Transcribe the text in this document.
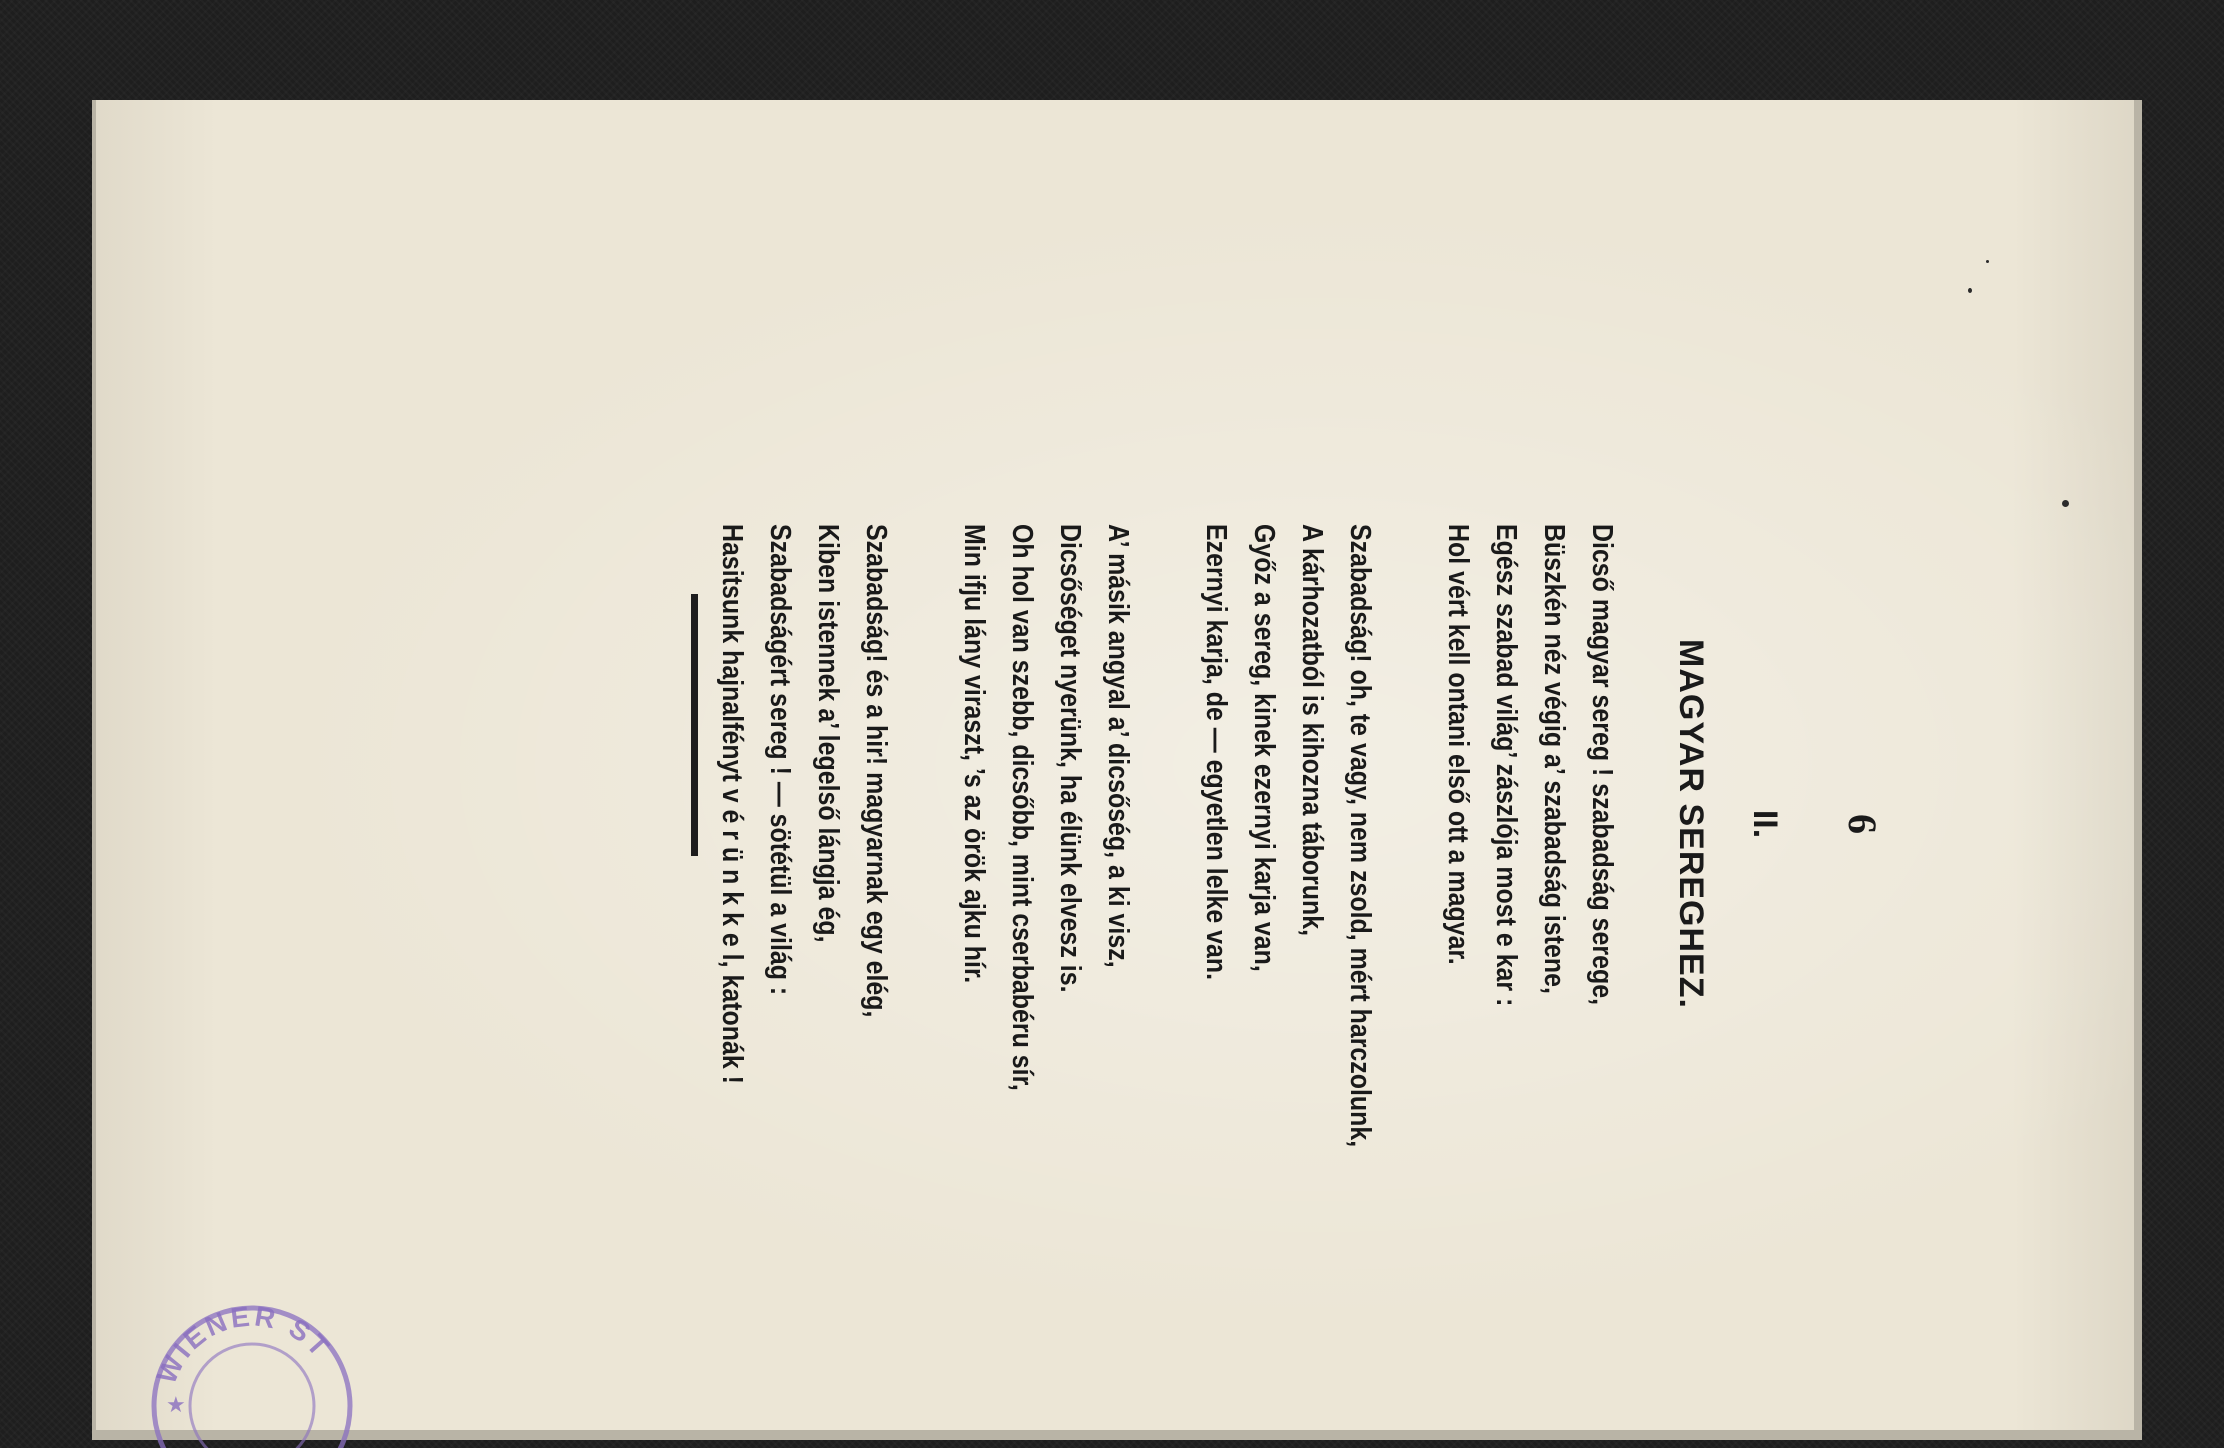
6
II.
MAGYAR SEREGHEZ.
Dicső magyar sereg ! szabadság serege,
Büszkén néz végig a’ szabadság istene,
Egész szabad világ’ zászlója most e kar :
Hol vért kell ontani első ott a magyar.
Szabadság! oh, te vagy, nem zsold, mért harczolunk,
A kárhozatból is kihozna táborunk,
Győz a sereg, kinek ezernyi karja van,
Ezernyi karja, de — egyetlen lelke van.
A’ másik angyal a’ dicsőség, a ki visz,
Dicsőséget nyerünk, ha élünk elvesz is.
Oh hol van szebb, dicsőbb, mint cserbabéru sír,
Min ifju lány viraszt, ’s az örök ajku hír.
Szabadság! és a hir! magyarnak egy elég,
Kiben istennek a’ legelső lángja ég,
Szabadságért sereg ! — sötétül a világ :
Hasitsunk hajnalfényt v é r ü n k k e l, katonák !
WIENER ST
★
